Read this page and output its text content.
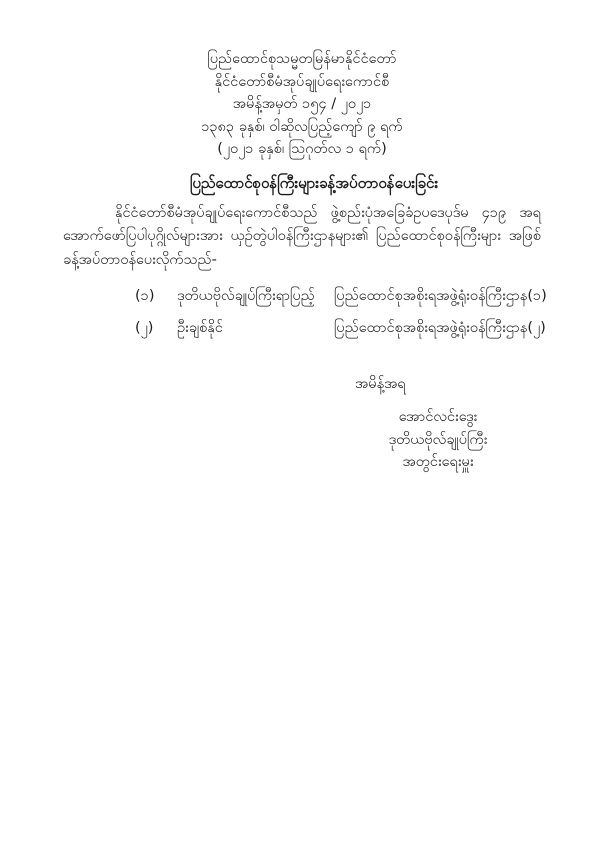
ပြည်ထောင်စုသမ္မတမြန်မာနိုင်ငံတော်
နိုင်ငံတော်စီမံအုပ်ချုပ်ရေးကောင်စီ
အမိန့်အမှတ် ၁၅၄ / ၂၀၂၁
၁၃၈၃ ခုနှစ်၊ ဝါဆိုလပြည့်ကျော် ၉ ရက်
(၂၀၂၁ ခုနှစ်၊ သြဂုတ်လ ၁ ရက်)
ပြည်ထောင်စုဝန်ကြီးများခန့်အပ်တာဝန်ပေးခြင်း

နိုင်ငံတော်စီမံအုပ်ချုပ်ရေးကောင်စီသည် ဖွဲ့စည်းပုံအခြေခံဥပဒေပုဒ်မ ၄၁၉ အရ အောက်ဖော်ပြပါပုဂ္ဂိုလ်များအား ယှဉ်တွဲပါဝန်ကြီးဌာနများ၏ ပြည်ထောင်စုဝန်ကြီးများ အဖြစ် ခန့်အပ်တာဝန်ပေးလိုက်သည်-

(၁)	ဒုတိယဗိုလ်ချုပ်ကြီးရာပြည့်	ပြည်ထောင်စုအစိုးရအဖွဲ့ရုံးဝန်ကြီးဌာန(၁)
(၂)	ဦးချစ်နိုင်	ပြည်ထောင်စုအစိုးရအဖွဲ့ရုံးဝန်ကြီးဌာန(၂)
အမိန့်အရ
အောင်လင်းဒွေး
ဒုတိယဗိုလ်ချုပ်ကြီး
အတွင်းရေးမှူး
